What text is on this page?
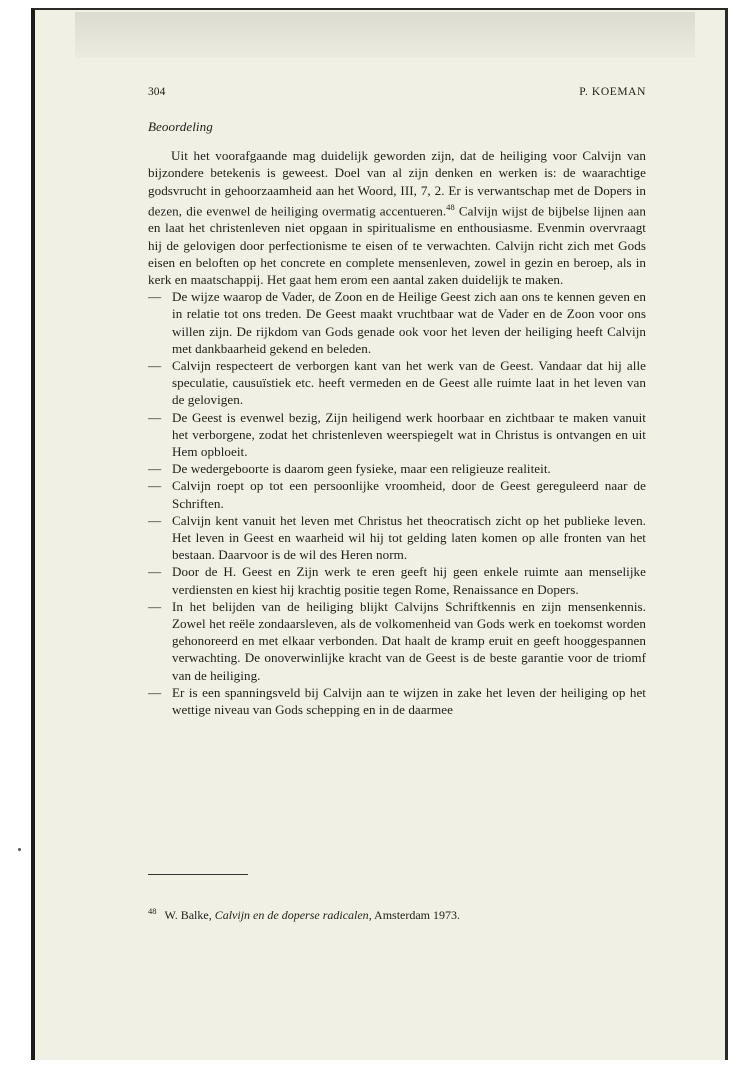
304	P. KOEMAN
Beoordeling

Uit het voorafgaande mag duidelijk geworden zijn, dat de heiliging voor Calvijn van bijzondere betekenis is geweest. Doel van al zijn denken en werken is: de waarachtige godsvrucht in gehoorzaamheid aan het Woord, III, 7, 2. Er is verwantschap met de Dopers in dezen, die evenwel de heiliging overmatig accentueren.$^{48}$ Calvijn wijst de bijbelse lijnen aan en laat het christenleven niet opgaan in spiritualisme en enthousiasme. Evenmin overvraagt hij de gelovigen door perfectionisme te eisen of te verwachten. Calvijn richt zich met Gods eisen en beloften op het concrete en complete mensenleven, zowel in gezin en beroep, als in kerk en maatschappij. Het gaat hem erom een aantal zaken duidelijk te maken.

— De wijze waarop de Vader, de Zoon en de Heilige Geest zich aan ons te kennen geven en in relatie tot ons treden. De Geest maakt vruchtbaar wat de Vader en de Zoon voor ons willen zijn. De rijkdom van Gods genade ook voor het leven der heiliging heeft Calvijn met dankbaarheid gekend en beleden.
— Calvijn respecteert de verborgen kant van het werk van de Geest. Vandaar dat hij alle speculatie, causuïstiek etc. heeft vermeden en de Geest alle ruimte laat in het leven van de gelovigen.
— De Geest is evenwel bezig, Zijn heiligend werk hoorbaar en zichtbaar te maken vanuit het verborgene, zodat het christenleven weerspiegelt wat in Christus is ontvangen en uit Hem opbloeit.
— De wedergeboorte is daarom geen fysieke, maar een religieuze realiteit.
— Calvijn roept op tot een persoonlijke vroomheid, door de Geest gereguleerd naar de Schriften.
— Calvijn kent vanuit het leven met Christus het theocratisch zicht op het publieke leven. Het leven in Geest en waarheid wil hij tot gelding laten komen op alle fronten van het bestaan. Daarvoor is de wil des Heren norm.
— Door de H. Geest en Zijn werk te eren geeft hij geen enkele ruimte aan menselijke verdiensten en kiest hij krachtig positie tegen Rome, Renaissance en Dopers.
— In het belijden van de heiliging blijkt Calvijns Schriftkennis en zijn mensenkennis. Zowel het reële zondaarsleven, als de volkomenheid van Gods werk en toekomst worden gehonoreerd en met elkaar verbonden. Dat haalt de kramp eruit en geeft hooggespannen verwachting. De onoverwinlijke kracht van de Geest is de beste garantie voor de triomf van de heiliging.
— Er is een spanningsveld bij Calvijn aan te wijzen in zake het leven der heiliging op het wettige niveau van Gods schepping en in de daarmee
$^{48}$ W. Balke, Calvijn en de doperse radicalen, Amsterdam 1973.
